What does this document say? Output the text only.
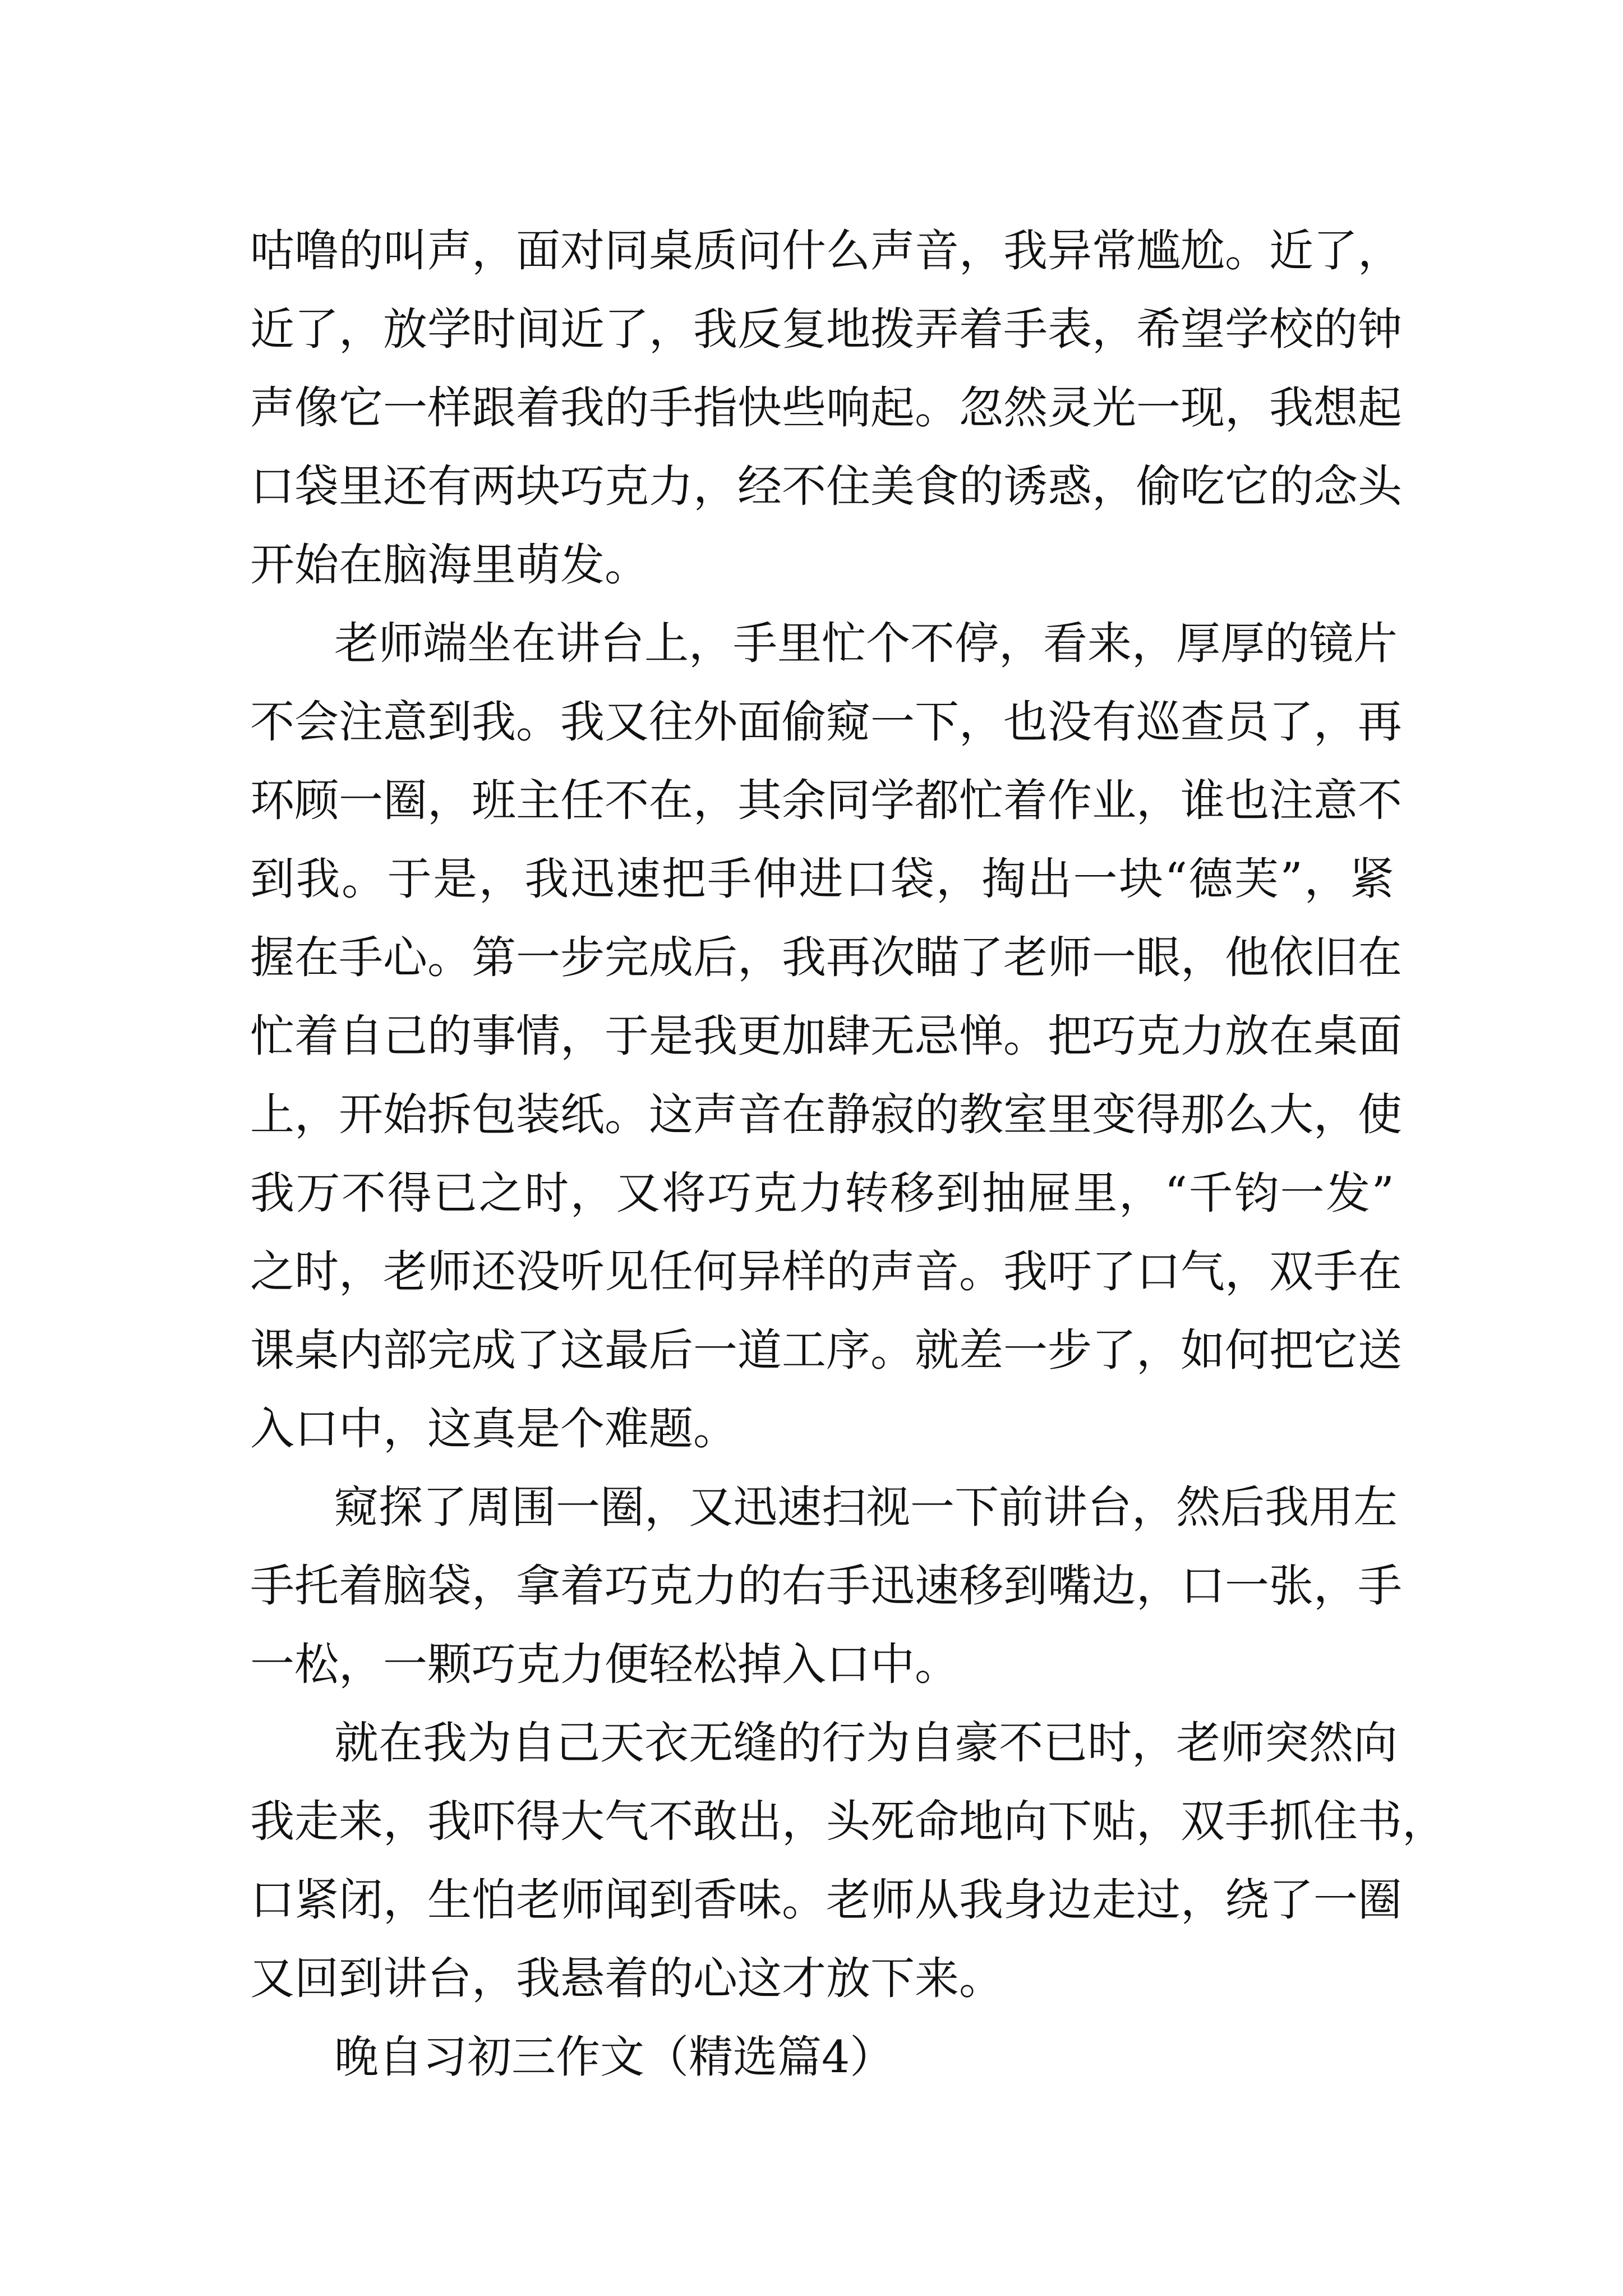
咕噜的叫声，面对同桌质问什么声音，我异常尴尬。近了，
近了，放学时间近了，我反复地拨弄着手表，希望学校的钟
声像它一样跟着我的手指快些响起。忽然灵光一现，我想起
口袋里还有两块巧克力，经不住美食的诱惑，偷吃它的念头
开始在脑海里萌发。
老师端坐在讲台上，手里忙个不停，看来，厚厚的镜片
不会注意到我。我又往外面偷窥一下，也没有巡查员了，再
环顾一圈，班主任不在，其余同学都忙着作业，谁也注意不
到我。于是，我迅速把手伸进口袋，掏出一块“德芙”，紧
握在手心。第一步完成后，我再次瞄了老师一眼，他依旧在
忙着自己的事情，于是我更加肆无忌惮。把巧克力放在桌面
上，开始拆包装纸。这声音在静寂的教室里变得那么大，使
我万不得已之时，又将巧克力转移到抽屉里，“千钧一发”
之时，老师还没听见任何异样的声音。我吁了口气，双手在
课桌内部完成了这最后一道工序。就差一步了，如何把它送
入口中，这真是个难题。
窥探了周围一圈，又迅速扫视一下前讲台，然后我用左
手托着脑袋，拿着巧克力的右手迅速移到嘴边，口一张，手
一松，一颗巧克力便轻松掉入口中。
就在我为自己天衣无缝的行为自豪不已时，老师突然向
我走来，我吓得大气不敢出，头死命地向下贴，双手抓住书，
口紧闭，生怕老师闻到香味。老师从我身边走过，绕了一圈
又回到讲台，我悬着的心这才放下来。
晚自习初三作文（精选篇4）
